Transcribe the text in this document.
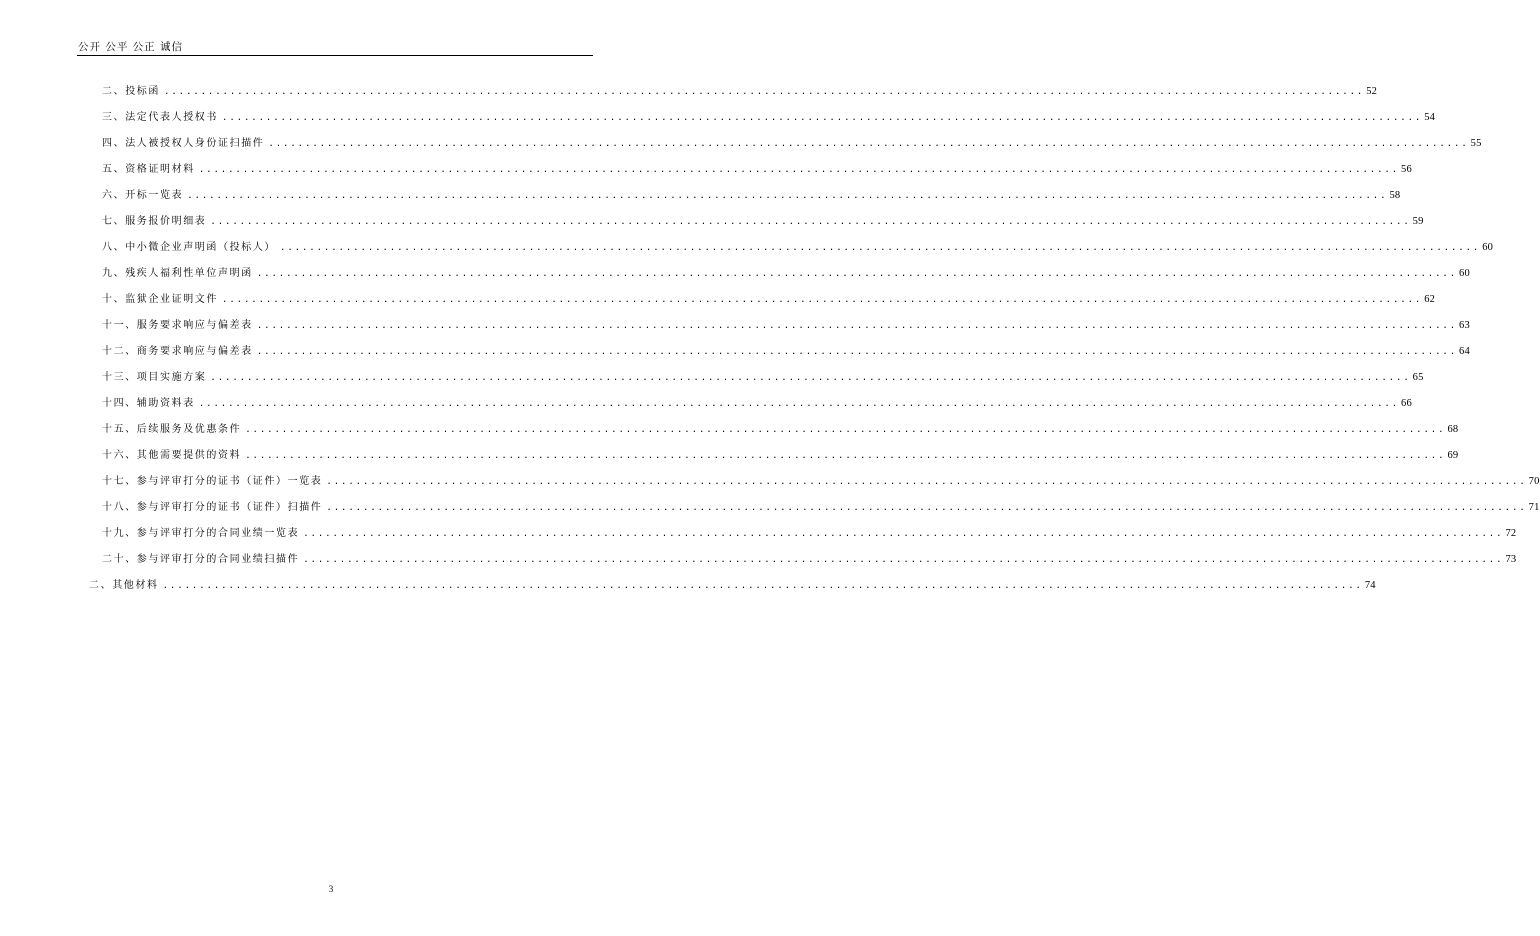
公开 公平 公正 诚信
二、投标函 .................................................................................................................................................................... 52
三、法定代表人授权书 .................................................................................................................................................................... 54
四、法人被授权人身份证扫描件 .................................................................................................................................................................... 55
五、资格证明材料 .................................................................................................................................................................... 56
六、开标一览表 .................................................................................................................................................................... 58
七、服务报价明细表 .................................................................................................................................................................... 59
八、中小微企业声明函（投标人） .................................................................................................................................................................... 60
九、残疾人福利性单位声明函 .................................................................................................................................................................... 60
十、监狱企业证明文件 .................................................................................................................................................................... 62
十一、服务要求响应与偏差表 .................................................................................................................................................................... 63
十二、商务要求响应与偏差表 .................................................................................................................................................................... 64
十三、项目实施方案 .................................................................................................................................................................... 65
十四、辅助资料表 .................................................................................................................................................................... 66
十五、后续服务及优惠条件 .................................................................................................................................................................... 68
十六、其他需要提供的资料 .................................................................................................................................................................... 69
十七、参与评审打分的证书（证件）一览表 .................................................................................................................................................................... 70
十八、参与评审打分的证书（证件）扫描件 .................................................................................................................................................................... 71
十九、参与评审打分的合同业绩一览表 .................................................................................................................................................................... 72
二十、参与评审打分的合同业绩扫描件 .................................................................................................................................................................... 73
二、其他材料 .................................................................................................................................................................... 74
3
